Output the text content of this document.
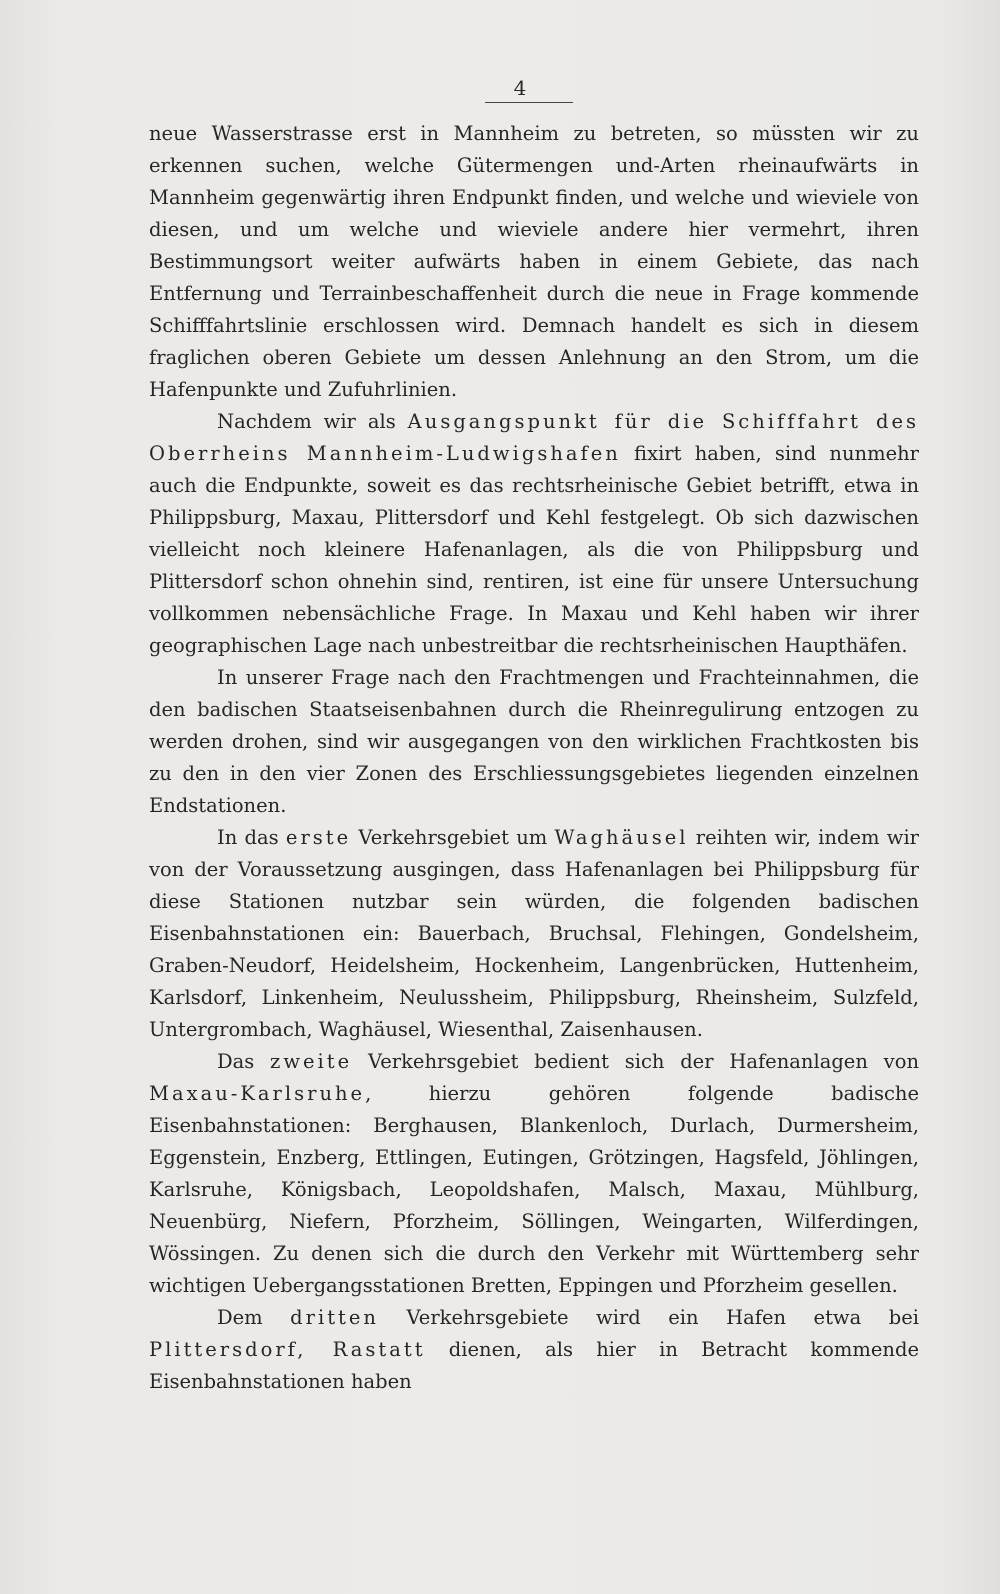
4

neue Wasserstrasse erst in Mannheim zu betreten, so müssten wir zu erkennen suchen, welche Gütermengen und-Arten rheinaufwärts in Mannheim gegenwärtig ihren Endpunkt finden, und welche und wieviele von diesen, und um welche und wieviele andere hier vermehrt, ihren Bestimmungsort weiter aufwärts haben in einem Gebiete, das nach Entfernung und Terrainbeschaffenheit durch die neue in Frage kommende Schifffahrtslinie erschlossen wird. Demnach handelt es sich in diesem fraglichen oberen Gebiete um dessen Anlehnung an den Strom, um die Hafenpunkte und Zufuhrlinien.

Nachdem wir als Ausgangspunkt für die Schifffahrt des Oberrheins Mannheim-Ludwigshafen fixirt haben, sind nunmehr auch die Endpunkte, soweit es das rechtsrheinische Gebiet betrifft, etwa in Philippsburg, Maxau, Plittersdorf und Kehl festgelegt. Ob sich dazwischen vielleicht noch kleinere Hafenanlagen, als die von Philippsburg und Plittersdorf schon ohnehin sind, rentiren, ist eine für unsere Untersuchung vollkommen nebensächliche Frage. In Maxau und Kehl haben wir ihrer geographischen Lage nach unbestreitbar die rechtsrheinischen Haupthäfen.

In unserer Frage nach den Frachtmengen und Frachteinnahmen, die den badischen Staatseisenbahnen durch die Rheinregulirung entzogen zu werden drohen, sind wir ausgegangen von den wirklichen Frachtkosten bis zu den in den vier Zonen des Erschliessungsgebietes liegenden einzelnen Endstationen.

In das erste Verkehrsgebiet um Waghäusel reihten wir, indem wir von der Voraussetzung ausgingen, dass Hafenanlagen bei Philippsburg für diese Stationen nutzbar sein würden, die folgenden badischen Eisenbahnstationen ein: Bauerbach, Bruchsal, Flehingen, Gondelsheim, Graben-Neudorf, Heidelsheim, Hockenheim, Langenbrücken, Huttenheim, Karlsdorf, Linkenheim, Neulussheim, Philippsburg, Rheinsheim, Sulzfeld, Untergrombach, Waghäusel, Wiesenthal, Zaisenhausen.

Das zweite Verkehrsgebiet bedient sich der Hafenanlagen von Maxau-Karlsruhe, hierzu gehören folgende badische Eisenbahnstationen: Berghausen, Blankenloch, Durlach, Durmersheim, Eggenstein, Enzberg, Ettlingen, Eutingen, Grötzingen, Hagsfeld, Jöhlingen, Karlsruhe, Königsbach, Leopoldshafen, Malsch, Maxau, Mühlburg, Neuenbürg, Niefern, Pforzheim, Söllingen, Weingarten, Wilferdingen, Wössingen. Zu denen sich die durch den Verkehr mit Württemberg sehr wichtigen Uebergangsstationen Bretten, Eppingen und Pforzheim gesellen.

Dem dritten Verkehrsgebiete wird ein Hafen etwa bei Plittersdorf, Rastatt dienen, als hier in Betracht kommende Eisenbahnstationen haben
